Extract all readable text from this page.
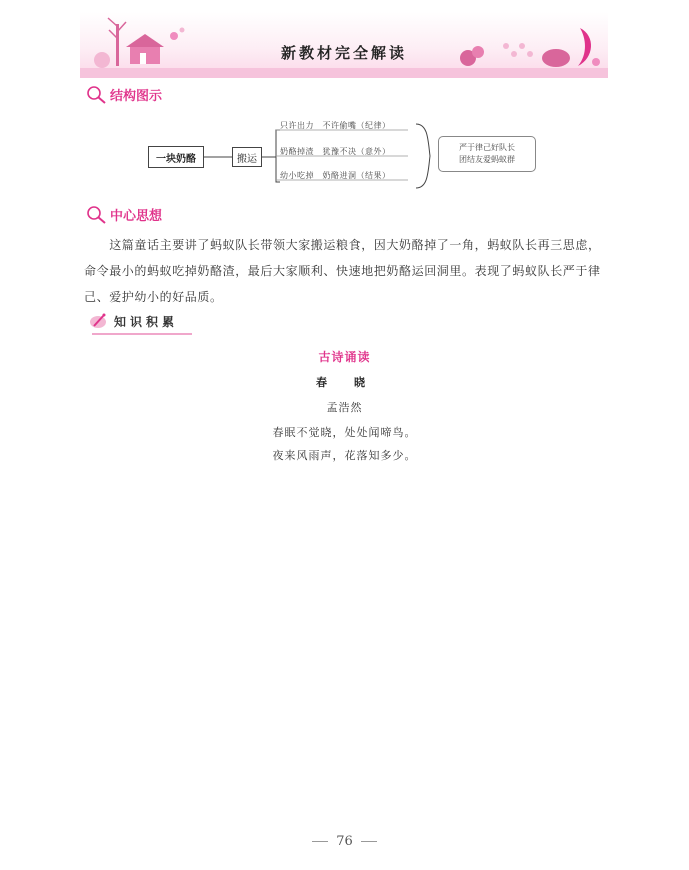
新教材完全解读
结构图示
一块奶酪	搬运
只许出力　不许偷嘴（纪律）
奶酪掉渣　犹豫不决（意外）
幼小吃掉　奶酪进洞（结果）
严于律己好队长
团结友爱蚂蚁群
中心思想

这篇童话主要讲了蚂蚁队长带领大家搬运粮食，因大奶酪掉了一角，蚂蚁队长再三思虑，命令最小的蚂蚁吃掉奶酪渣，最后大家顺利、快速地把奶酪运回洞里。表现了蚂蚁队长严于律己、爱护幼小的好品质。

知识积累
古诗诵读
春　晓
孟浩然
春眠不觉晓，处处闻啼鸟。
夜来风雨声，花落知多少。
76
